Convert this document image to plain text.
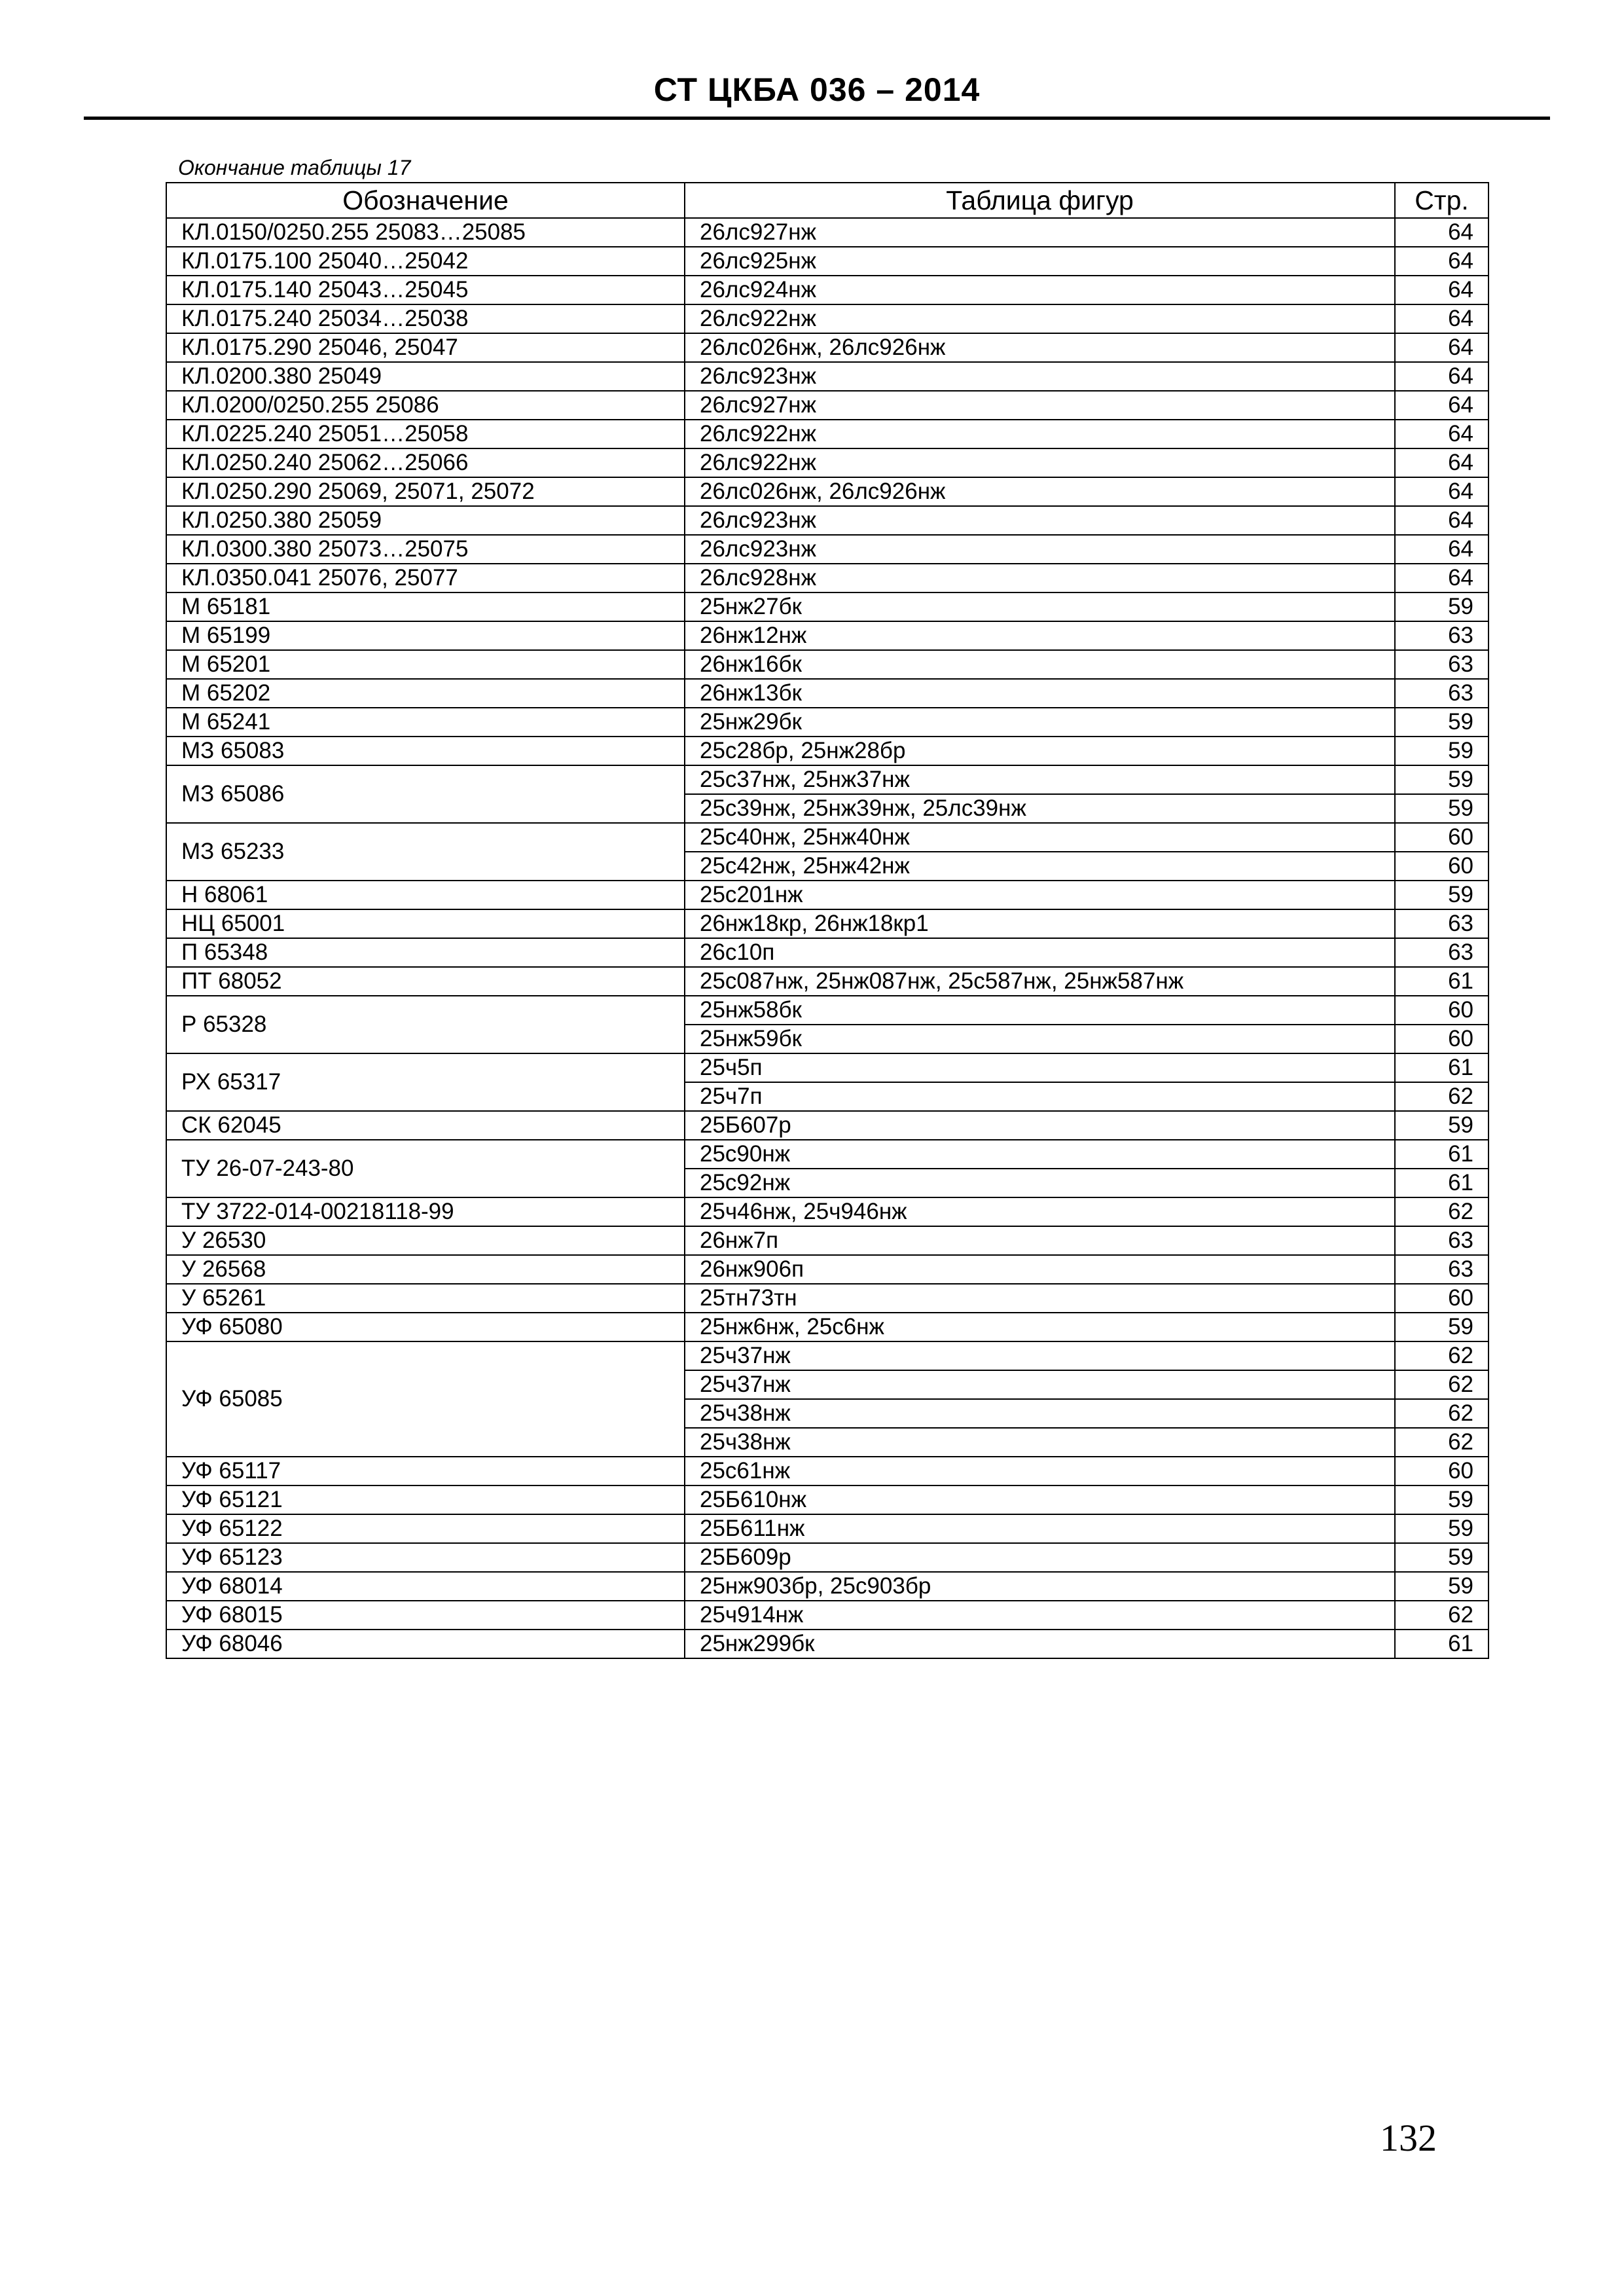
СТ ЦКБА 036 – 2014
Окончание таблицы 17
Обозначение	Таблица фигур	Стр.
КЛ.0150/0250.255 25083…25085	26лс927нж	64
КЛ.0175.100 25040…25042	26лс925нж	64
КЛ.0175.140 25043…25045	26лс924нж	64
КЛ.0175.240 25034…25038	26лс922нж	64
КЛ.0175.290 25046, 25047	26лс026нж, 26лс926нж	64
КЛ.0200.380 25049	26лс923нж	64
КЛ.0200/0250.255 25086	26лс927нж	64
КЛ.0225.240 25051…25058	26лс922нж	64
КЛ.0250.240 25062…25066	26лс922нж	64
КЛ.0250.290 25069, 25071, 25072	26лс026нж, 26лс926нж	64
КЛ.0250.380 25059	26лс923нж	64
КЛ.0300.380 25073…25075	26лс923нж	64
КЛ.0350.041 25076, 25077	26лс928нж	64
М 65181	25нж27бк	59
М 65199	26нж12нж	63
М 65201	26нж16бк	63
М 65202	26нж13бк	63
М 65241	25нж29бк	59
МЗ 65083	25с28бр, 25нж28бр	59
МЗ 65086	25с37нж, 25нж37нж	59
	25с39нж, 25нж39нж, 25лс39нж	59
МЗ 65233	25с40нж, 25нж40нж	60
	25с42нж, 25нж42нж	60
Н 68061	25с201нж	59
НЦ 65001	26нж18кр, 26нж18кр1	63
П 65348	26с10п	63
ПТ 68052	25с087нж, 25нж087нж, 25с587нж, 25нж587нж	61
Р 65328	25нж58бк	60
	25нж59бк	60
РХ 65317	25ч5п	61
	25ч7п	62
СК 62045	25Б607р	59
ТУ 26-07-243-80	25с90нж	61
	25с92нж	61
ТУ 3722-014-00218118-99	25ч46нж, 25ч946нж	62
У 26530	26нж7п	63
У 26568	26нж906п	63
У 65261	25тн73тн	60
УФ 65080	25нж6нж, 25с6нж	59
УФ 65085	25ч37нж	62
	25ч37нж	62
	25ч38нж	62
	25ч38нж	62
УФ 65117	25с61нж	60
УФ 65121	25Б610нж	59
УФ 65122	25Б611нж	59
УФ 65123	25Б609р	59
УФ 68014	25нж903бр, 25с903бр	59
УФ 68015	25ч914нж	62
УФ 68046	25нж299бк	61
132
